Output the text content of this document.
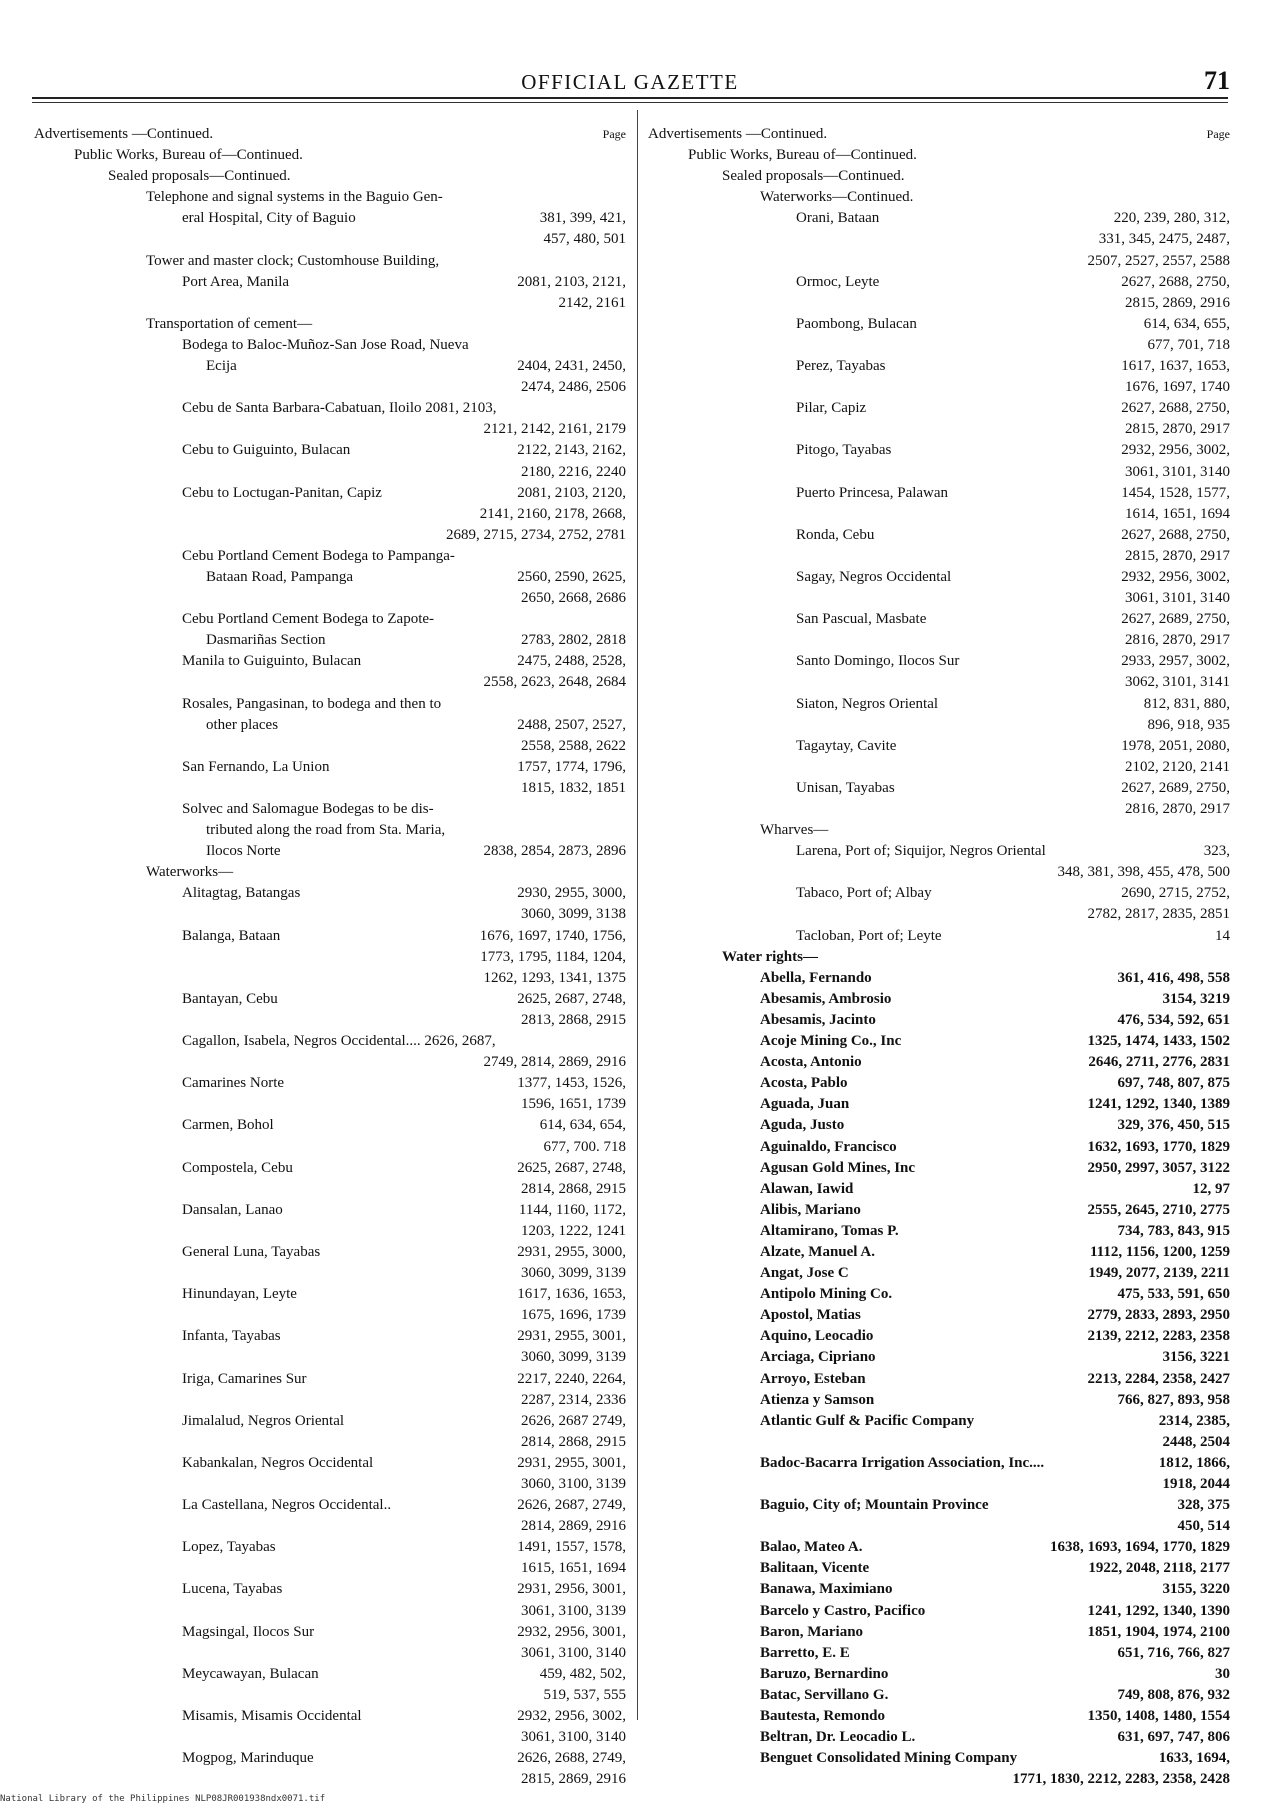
OFFICIAL GAZETTE	71
Advertisements —Continued.	Page
Public Works, Bureau of—Continued.
Sealed proposals—Continued.
Telephone and signal systems in the Baguio Gen-
eral Hospital, City of Baguio	381, 399, 421,
457, 480, 501
Tower and master clock; Customhouse Building,
Port Area, Manila	2081, 2103, 2121,
2142, 2161
Transportation of cement—
Bodega to Baloc-Muñoz-San Jose Road, Nueva
Ecija	2404, 2431, 2450,
2474, 2486, 2506
Cebu de Santa Barbara-Cabatuan, Iloilo 2081, 2103,
2121, 2142, 2161, 2179
Cebu to Guiguinto, Bulacan	2122, 2143, 2162,
2180, 2216, 2240
Cebu to Loctugan-Panitan, Capiz	2081, 2103, 2120,
2141, 2160, 2178, 2668,
2689, 2715, 2734, 2752, 2781
Cebu Portland Cement Bodega to Pampanga-
Bataan Road, Pampanga	2560, 2590, 2625,
2650, 2668, 2686
Cebu Portland Cement Bodega to Zapote-
Dasmariñas Section	2783, 2802, 2818
Manila to Guiguinto, Bulacan	2475, 2488, 2528,
2558, 2623, 2648, 2684
Rosales, Pangasinan, to bodega and then to
other places	2488, 2507, 2527,
2558, 2588, 2622
San Fernando, La Union	1757, 1774, 1796,
1815, 1832, 1851
Solvec and Salomague Bodegas to be dis-
tributed along the road from Sta. Maria,
Ilocos Norte	2838, 2854, 2873, 2896
Waterworks—
Alitagtag, Batangas	2930, 2955, 3000,
3060, 3099, 3138
Balanga, Bataan	1676, 1697, 1740, 1756,
1773, 1795, 1184, 1204,
1262, 1293, 1341, 1375
Bantayan, Cebu	2625, 2687, 2748,
2813, 2868, 2915
Cagallon, Isabela, Negros Occidental.... 2626, 2687,
2749, 2814, 2869, 2916
Camarines Norte	1377, 1453, 1526,
1596, 1651, 1739
Carmen, Bohol	614, 634, 654,
677, 700. 718
Compostela, Cebu	2625, 2687, 2748,
2814, 2868, 2915
Dansalan, Lanao	1144, 1160, 1172,
1203, 1222, 1241
General Luna, Tayabas	2931, 2955, 3000,
3060, 3099, 3139
Hinundayan, Leyte	1617, 1636, 1653,
1675, 1696, 1739
Infanta, Tayabas	2931, 2955, 3001,
3060, 3099, 3139
Iriga, Camarines Sur	2217, 2240, 2264,
2287, 2314, 2336
Jimalalud, Negros Oriental	2626, 2687 2749,
2814, 2868, 2915
Kabankalan, Negros Occidental	2931, 2955, 3001,
3060, 3100, 3139
La Castellana, Negros Occidental..	2626, 2687, 2749,
2814, 2869, 2916
Lopez, Tayabas	1491, 1557, 1578,
1615, 1651, 1694
Lucena, Tayabas	2931, 2956, 3001,
3061, 3100, 3139
Magsingal, Ilocos Sur	2932, 2956, 3001,
3061, 3100, 3140
Meycawayan, Bulacan	459, 482, 502,
519, 537, 555
Misamis, Misamis Occidental	2932, 2956, 3002,
3061, 3100, 3140
Mogpog, Marinduque	2626, 2688, 2749,
2815, 2869, 2916
Advertisements —Continued.	Page
Public Works, Bureau of—Continued.
Sealed proposals—Continued.
Waterworks—Continued.
Orani, Bataan	220, 239, 280, 312,
331, 345, 2475, 2487,
2507, 2527, 2557, 2588
Ormoc, Leyte	2627, 2688, 2750,
2815, 2869, 2916
Paombong, Bulacan	614, 634, 655,
677, 701, 718
Perez, Tayabas	1617, 1637, 1653,
1676, 1697, 1740
Pilar, Capiz	2627, 2688, 2750,
2815, 2870, 2917
Pitogo, Tayabas	2932, 2956, 3002,
3061, 3101, 3140
Puerto Princesa, Palawan	1454, 1528, 1577,
1614, 1651, 1694
Ronda, Cebu	2627, 2688, 2750,
2815, 2870, 2917
Sagay, Negros Occidental	2932, 2956, 3002,
3061, 3101, 3140
San Pascual, Masbate	2627, 2689, 2750,
2816, 2870, 2917
Santo Domingo, Ilocos Sur	2933, 2957, 3002,
3062, 3101, 3141
Siaton, Negros Oriental	812, 831, 880,
896, 918, 935
Tagaytay, Cavite	1978, 2051, 2080,
2102, 2120, 2141
Unisan, Tayabas	2627, 2689, 2750,
2816, 2870, 2917
Wharves—
Larena, Port of; Siquijor, Negros Oriental	323,
348, 381, 398, 455, 478, 500
Tabaco, Port of; Albay	2690, 2715, 2752,
2782, 2817, 2835, 2851
Tacloban, Port of; Leyte	14
Water rights—
Abella, Fernando	361, 416, 498, 558
Abesamis, Ambrosio	3154, 3219
Abesamis, Jacinto	476, 534, 592, 651
Acoje Mining Co., Inc	1325, 1474, 1433, 1502
Acosta, Antonio	2646, 2711, 2776, 2831
Acosta, Pablo	697, 748, 807, 875
Aguada, Juan	1241, 1292, 1340, 1389
Aguda, Justo	329, 376, 450, 515
Aguinaldo, Francisco	1632, 1693, 1770, 1829
Agusan Gold Mines, Inc	2950, 2997, 3057, 3122
Alawan, Iawid	12, 97
Alibis, Mariano	2555, 2645, 2710, 2775
Altamirano, Tomas P.	734, 783, 843, 915
Alzate, Manuel A.	1112, 1156, 1200, 1259
Angat, Jose C	1949, 2077, 2139, 2211
Antipolo Mining Co.	475, 533, 591, 650
Apostol, Matias	2779, 2833, 2893, 2950
Aquino, Leocadio	2139, 2212, 2283, 2358
Arciaga, Cipriano	3156, 3221
Arroyo, Esteban	2213, 2284, 2358, 2427
Atienza y Samson	766, 827, 893, 958
Atlantic Gulf & Pacific Company	2314, 2385,
2448, 2504
Badoc-Bacarra Irrigation Association, Inc....	1812, 1866,
1918, 2044
Baguio, City of; Mountain Province	328, 375
450, 514
Balao, Mateo A.	1638, 1693, 1694, 1770, 1829
Balitaan, Vicente	1922, 2048, 2118, 2177
Banawa, Maximiano	3155, 3220
Barcelo y Castro, Pacifico	1241, 1292, 1340, 1390
Baron, Mariano	1851, 1904, 1974, 2100
Barretto, E. E	651, 716, 766, 827
Baruzo, Bernardino	30
Batac, Servillano G.	749, 808, 876, 932
Bautesta, Remondo	1350, 1408, 1480, 1554
Beltran, Dr. Leocadio L.	631, 697, 747, 806
Benguet Consolidated Mining Company	1633, 1694,
1771, 1830, 2212, 2283, 2358, 2428
National Library of the Philippines NLP08JR001938ndx0071.tif
